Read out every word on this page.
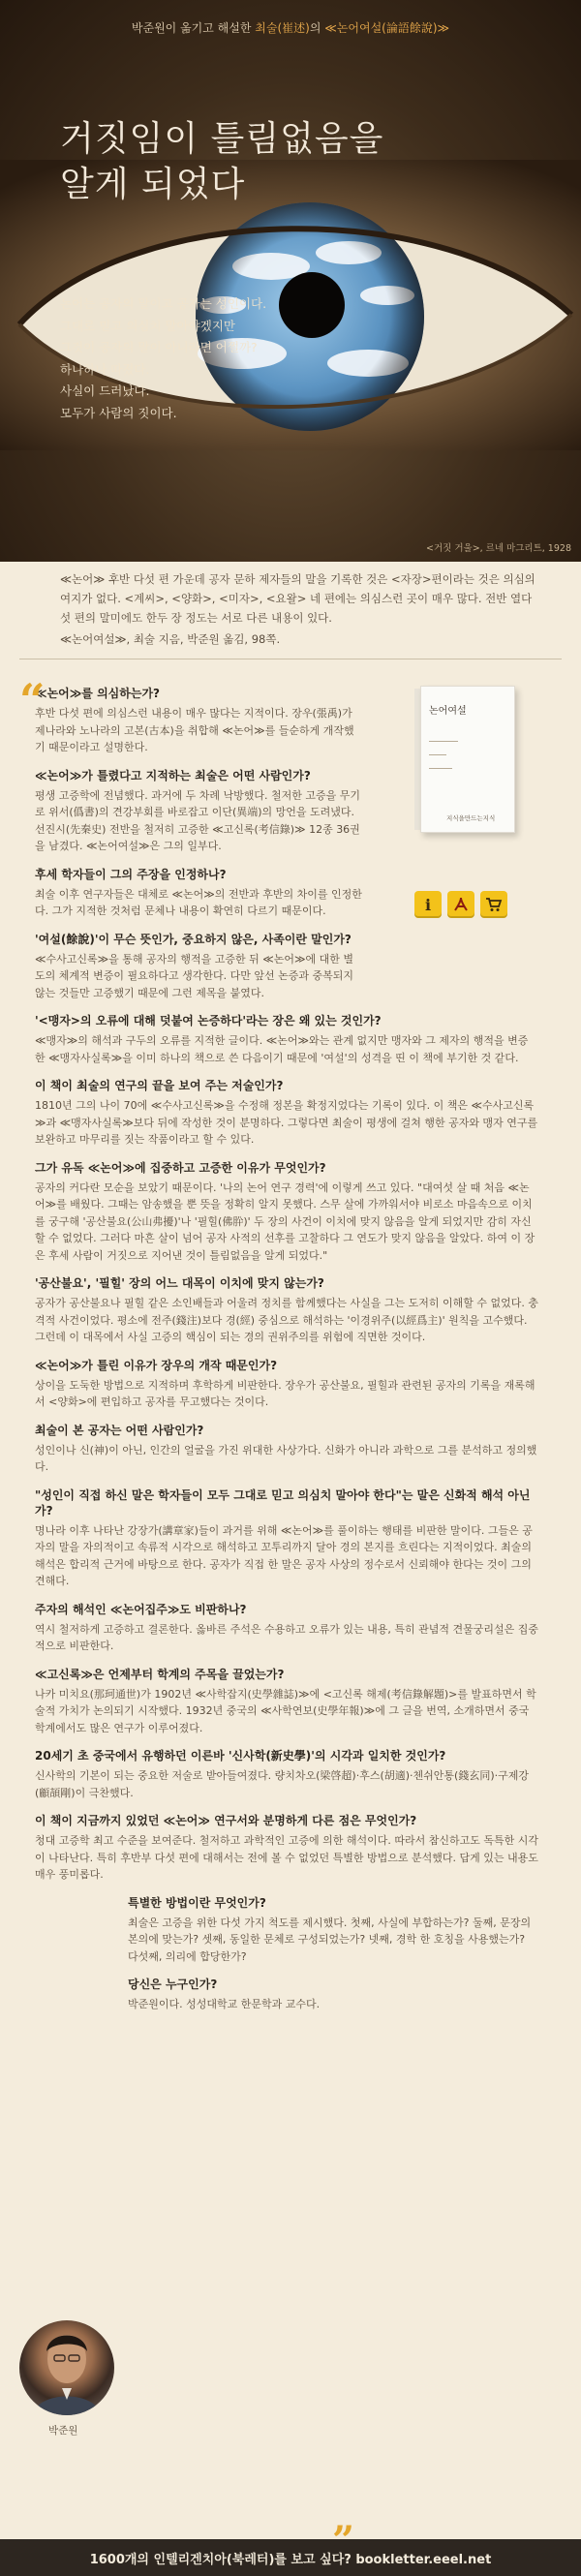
박준원이 옮기고 해설한 최술(崔述)의 ≪논어여설(論語餘說)≫
거짓임이 틀림없음을
알게 되었다
논어는 공자의 말이고 공자는 성인이다.
그대로 믿고 의심치 말아야겠지만
그것이 공자의 말이 아니라면 어쩔까?
하나하나 따졌다.
사실이 드러났다.
모두가 사람의 짓이다.
<거짓 거울>, 르네 마그리트, 1928

≪논어≫ 후반 다섯 편 가운데 공자 문하 제자들의 말을 기록한 것은 <자장>편이라는 것은 의심의 여지가 없다. <계씨>, <양화>, <미자>, <요왈> 네 편에는 의심스런 곳이 매우 많다. 전반 열다섯 편의 말미에도 한두 장 정도는 서로 다른 내용이 있다.

≪논어여설≫, 최술 지음, 박준원 옮김, 98쪽.

논어여설
지식을만드는지식
i
“

≪논어≫를 의심하는가?

후반 다섯 편에 의심스런 내용이 매우 많다는 지적이다. 장우(張禹)가 제나라와 노나라의 고본(古本)을 취합해 ≪논어≫를 들순하게 개작했기 때문이라고 설명한다.

≪논어≫가 틀렸다고 지적하는 최술은 어떤 사람인가?

평생 고증학에 전념했다. 과거에 두 차례 낙방했다. 철저한 고증을 무기로 위서(僞書)의 견강부회를 바로잡고 이단(異端)의 망언을 도려냈다. 선진시(先秦史) 전반을 철저히 고증한 ≪고신록(考信錄)≫ 12종 36권을 남겼다. ≪논어여설≫은 그의 일부다.

후세 학자들이 그의 주장을 인정하나?

최술 이후 연구자들은 대체로 ≪논어≫의 전반과 후반의 차이를 인정한다. 그가 지적한 것처럼 문체나 내용이 확연히 다르기 때문이다.

'여설(餘說)'이 무슨 뜻인가, 중요하지 않은, 사족이란 말인가?

≪수사고신록≫을 통해 공자의 행적을 고증한 뒤 ≪논어≫에 대한 별도의 체계적 변증이 필요하다고 생각한다. 다만 앞선 논증과 중복되지 않는 것들만 고증했기 때문에 그런 제목을 붙였다.

'<맹자>의 오류에 대해 덧붙여 논증하다'라는 장은 왜 있는 것인가?

≪맹자≫의 해석과 구두의 오류를 지적한 글이다. ≪논어≫와는 관계 없지만 맹자와 그 제자의 행적을 변증한 ≪맹자사실록≫을 이미 하나의 책으로 쓴 다음이기 때문에 '여설'의 성격을 띤 이 책에 부기한 것 같다.

이 책이 최술의 연구의 끝을 보여 주는 저술인가?

1810년 그의 나이 70에 ≪수사고신록≫을 수정해 정본을 확정지었다는 기록이 있다. 이 책은 ≪수사고신록≫과 ≪맹자사실록≫보다 뒤에 작성한 것이 분명하다. 그렇다면 최술이 평생에 걸쳐 행한 공자와 맹자 연구를 보완하고 마무리를 짓는 작품이라고 할 수 있다.

그가 유독 ≪논어≫에 집중하고 고증한 이유가 무엇인가?

공자의 커다란 모순을 보았기 때문이다. '나의 논어 연구 경력'에 이렇게 쓰고 있다. "대여섯 살 때 처음 ≪논어≫를 배웠다. 그때는 암송했을 뿐 뜻을 정확히 알지 못했다. 스무 살에 가까워서야 비로소 마음속으로 이치를 궁구해 '공산불요(公山弗擾)'나 '필힐(佛肸)' 두 장의 사건이 이치에 맞지 않음을 알게 되었지만 감히 자신할 수 없었다. 그러다 마흔 살이 넘어 공자 사적의 선후를 고찰하다 그 연도가 맞지 않음을 알았다. 하여 이 장은 후세 사람이 거짓으로 지어낸 것이 틀림없음을 알게 되었다."

'공산불요', '필힐' 장의 어느 대목이 이치에 맞지 않는가?

공자가 공산불요나 필힐 같은 소인배들과 어울려 정치를 함께했다는 사실을 그는 도저히 이해할 수 없었다. 충격적 사건이었다. 평소에 전주(錢注)보다 경(經) 중심으로 해석하는 '이경위주(以經爲主)' 원칙을 고수했다. 그런데 이 대목에서 사실 고증의 핵심이 되는 경의 권위주의를 위험에 직면한 것이다.

≪논어≫가 틀린 이유가 장우의 개작 때문인가?

상이을 도둑한 방법으로 지적하며 후학하게 비판한다. 장우가 공산불요, 필힐과 관련된 공자의 기록을 재록해서 <양화>에 편입하고 공자를 무고했다는 것이다.

최술이 본 공자는 어떤 사람인가?

성인이나 신(神)이 아닌, 인간의 얼굴을 가진 위대한 사상가다. 신화가 아니라 과학으로 그를 분석하고 정의했다.

"성인이 직접 하신 말은 학자들이 모두 그대로 믿고 의심치 말아야 한다"는 말은 신화적 해석 아닌가?

명나라 이후 나타난 강장가(講章家)들이 과거를 위해 ≪논어≫를 풀이하는 행태를 비판한 말이다. 그들은 공자의 말을 자의적이고 속류적 시각으로 해석하고 꼬투리까지 달아 경의 본지를 흐린다는 지적이었다. 최술의 해석은 합리적 근거에 바탕으로 한다. 공자가 직접 한 말은 공자 사상의 정수로서 신뢰해야 한다는 것이 그의 견해다.

주자의 해석인 ≪논어집주≫도 비판하나?

역시 철저하게 고증하고 결론한다. 옳바른 주석은 수용하고 오류가 있는 내용, 특히 관념적 견물궁리설은 집중적으로 비판한다.

≪고신록≫은 언제부터 학계의 주목을 끌었는가?

나카 미치요(那珂通世)가 1902년 ≪사학잡지(史學雜誌)≫에 <고신록 해제(考信錄解題)>를 발표하면서 학술적 가치가 논의되기 시작했다. 1932년 중국의 ≪사학연보(史學年報)≫에 그 글을 번역, 소개하면서 중국 학계에서도 많은 연구가 이루어졌다.

20세기 초 중국에서 유행하던 이른바 '신사학(新史學)'의 시각과 일치한 것인가?

신사학의 기본이 되는 중요한 저술로 받아들여졌다. 량치차오(梁啓超)·후스(胡適)·첸쉬안통(錢玄同)·구제강(顧頡剛)이 극찬했다.

이 책이 지금까지 있었던 ≪논어≫ 연구서와 분명하게 다른 점은 무엇인가?

청대 고증학 최고 수준을 보여준다. 철저하고 과학적인 고증에 의한 해석이다. 따라서 참신하고도 독특한 시각이 나타난다. 특히 후반부 다섯 편에 대해서는 전에 볼 수 없었던 특별한 방법으로 분석했다. 답게 있는 내용도 매우 풍미롭다.

특별한 방법이란 무엇인가?

최술은 고증을 위한 다섯 가지 척도를 제시했다. 첫째, 사실에 부합하는가? 둘째, 문장의 본의에 맞는가? 셋째, 동일한 문체로 구성되었는가? 넷째, 경학 한 호칭을 사용했는가? 다섯째, 의리에 합당한가?

당신은 누구인가?

박준원이다. 성성대학교 한문학과 교수다.

박준원
1600개의 인텔리겐치아(북레터)를 보고 싶다? bookletter.eeel.net
